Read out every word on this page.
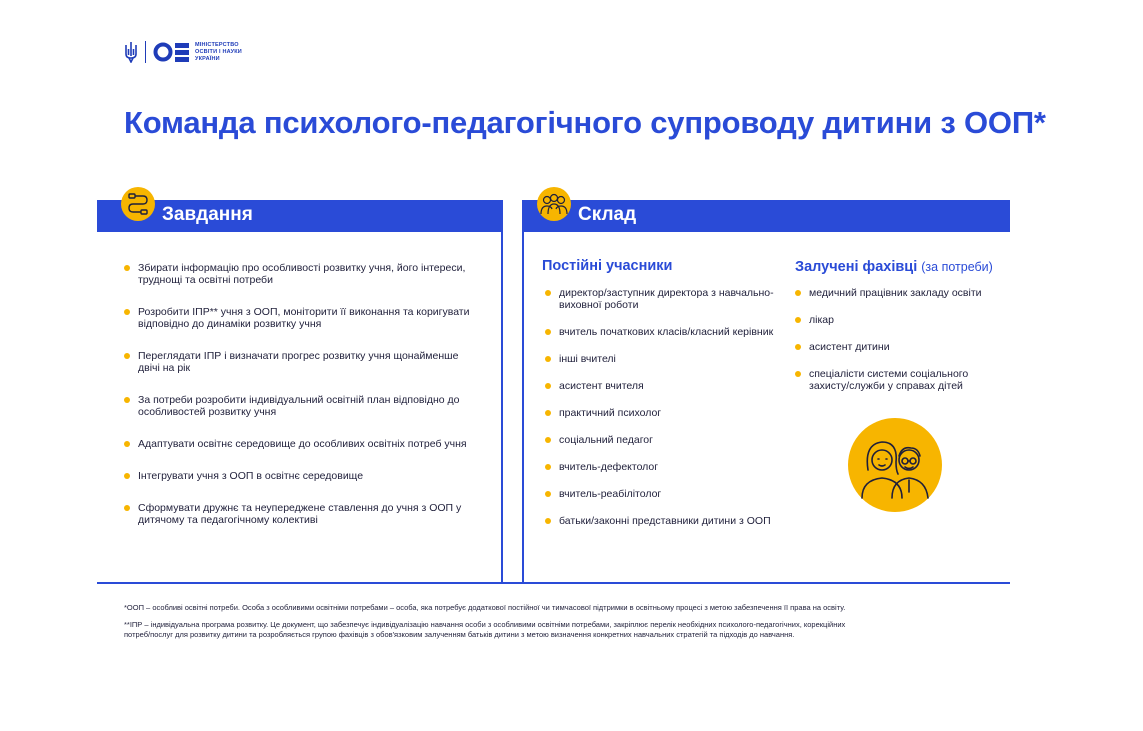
МІНІСТЕРСТВО
ОСВІТИ І НАУКИ
УКРАЇНИ
Команда психолого-педагогічного супроводу дитини з ООП*
Завдання	Склад
Збирати інформацію про особливості розвитку учня, його інтереси, труднощі та освітні потреби
Розробити ІПР** учня з ООП, моніторити її виконання та коригувати відповідно до динаміки розвитку учня
Переглядати ІПР і визначати прогрес розвитку учня щонайменше двічі на рік
За потреби розробити індивідуальний освітній план відповідно до особливостей розвитку учня
Адаптувати освітнє середовище до особливих освітніх потреб учня
Інтегрувати учня з ООП в освітнє середовище
Сформувати дружнє та неупереджене ставлення до учня з ООП у дитячому та педагогічному колективі
Постійні учасники
директор/заступник директора з навчально-виховної роботи
вчитель початкових класів/класний керівник
інші вчителі
асистент вчителя
практичний психолог
соціальний педагог
вчитель-дефектолог
вчитель-реабілітолог
батьки/законні представники дитини з ООП
Залучені фахівці (за потреби)
медичний працівник закладу освіти
лікар
асистент дитини
спеціалісти системи соціального захисту/служби у справах дітей
*ООП – особливі освітні потреби. Особа з особливими освітніми потребами – особа, яка потребує додаткової постійної чи тимчасової підтримки в освітньому процесі з метою забезпечення її права на освіту.
**ІПР – індивідуальна програма розвитку. Це документ, що забезпечує індивідуалізацію навчання особи з особливими освітніми потребами, закріплює перелік необхідних психолого-педагогічних, корекційних
потреб/послуг для розвитку дитини та розробляється групою фахівців з обов'язковим залученням батьків дитини з метою визначення конкретних навчальних стратегій та підходів до навчання.
